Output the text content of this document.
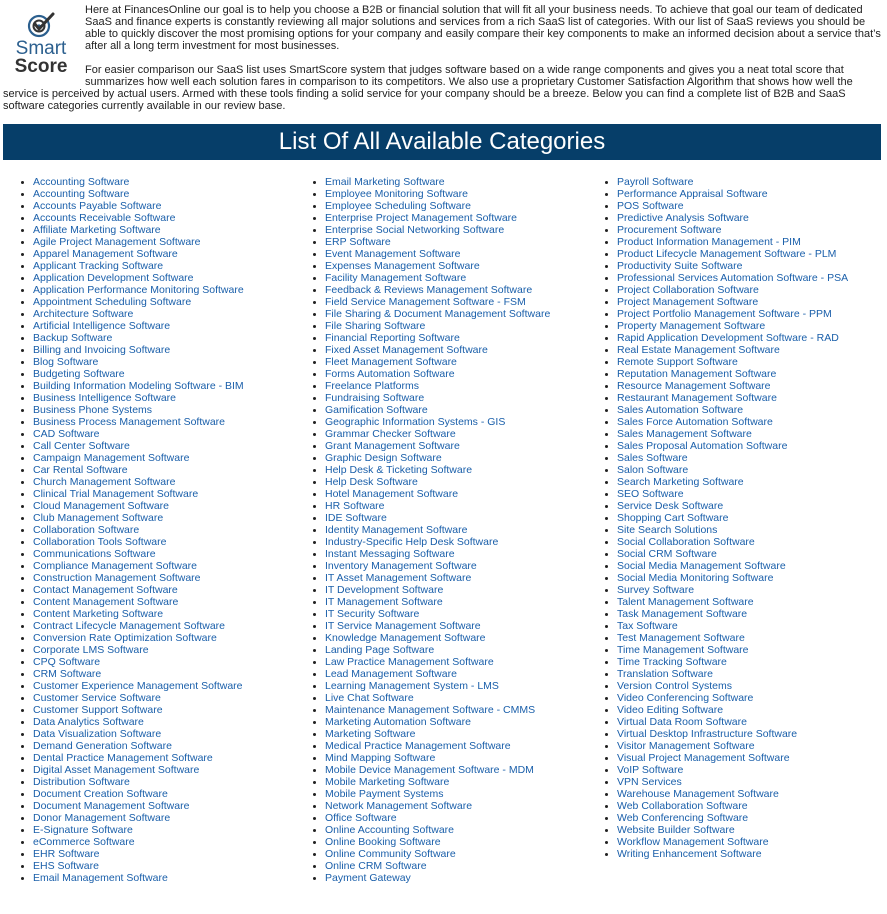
Smart
Score

Here at FinancesOnline our goal is to help you choose a B2B or financial solution that will fit all your business needs. To achieve that goal our team of dedicated SaaS and finance experts is constantly reviewing all major solutions and services from a rich SaaS list of categories. With our list of SaaS reviews you should be able to quickly discover the most promising options for your company and easily compare their key components to make an informed decision about a service that’s after all a long term investment for most businesses.

For easier comparison our SaaS list uses SmartScore system that judges software based on a wide range components and gives you a neat total score that summarizes how well each solution fares in comparison to its competitors. We also use a proprietary Customer Satisfaction Algorithm that shows how well the service is perceived by actual users. Armed with these tools finding a solid service for your company should be a breeze. Below you can find a complete list of B2B and SaaS software categories currently available in our review base.

List Of All Available Categories
• Accounting Software
• Accounting Software
• Accounts Payable Software
• Accounts Receivable Software
• Affiliate Marketing Software
• Agile Project Management Software
• Apparel Management Software
• Applicant Tracking Software
• Application Development Software
• Application Performance Monitoring Software
• Appointment Scheduling Software
• Architecture Software
• Artificial Intelligence Software
• Backup Software
• Billing and Invoicing Software
• Blog Software
• Budgeting Software
• Building Information Modeling Software - BIM
• Business Intelligence Software
• Business Phone Systems
• Business Process Management Software
• CAD Software
• Call Center Software
• Campaign Management Software
• Car Rental Software
• Church Management Software
• Clinical Trial Management Software
• Cloud Management Software
• Club Management Software
• Collaboration Software
• Collaboration Tools Software
• Communications Software
• Compliance Management Software
• Construction Management Software
• Contact Management Software
• Content Management Software
• Content Marketing Software
• Contract Lifecycle Management Software
• Conversion Rate Optimization Software
• Corporate LMS Software
• CPQ Software
• CRM Software
• Customer Experience Management Software
• Customer Service Software
• Customer Support Software
• Data Analytics Software
• Data Visualization Software
• Demand Generation Software
• Dental Practice Management Software
• Digital Asset Management Software
• Distribution Software
• Document Creation Software
• Document Management Software
• Donor Management Software
• E-Signature Software
• eCommerce Software
• EHR Software
• EHS Software
• Email Management Software
• Email Marketing Software
• Employee Monitoring Software
• Employee Scheduling Software
• Enterprise Project Management Software
• Enterprise Social Networking Software
• ERP Software
• Event Management Software
• Expenses Management Software
• Facility Management Software
• Feedback & Reviews Management Software
• Field Service Management Software - FSM
• File Sharing & Document Management Software
• File Sharing Software
• Financial Reporting Software
• Fixed Asset Management Software
• Fleet Management Software
• Forms Automation Software
• Freelance Platforms
• Fundraising Software
• Gamification Software
• Geographic Information Systems - GIS
• Grammar Checker Software
• Grant Management Software
• Graphic Design Software
• Help Desk & Ticketing Software
• Help Desk Software
• Hotel Management Software
• HR Software
• IDE Software
• Identity Management Software
• Industry-Specific Help Desk Software
• Instant Messaging Software
• Inventory Management Software
• IT Asset Management Software
• IT Development Software
• IT Management Software
• IT Security Software
• IT Service Management Software
• Knowledge Management Software
• Landing Page Software
• Law Practice Management Software
• Lead Management Software
• Learning Management System - LMS
• Live Chat Software
• Maintenance Management Software - CMMS
• Marketing Automation Software
• Marketing Software
• Medical Practice Management Software
• Mind Mapping Software
• Mobile Device Management Software - MDM
• Mobile Marketing Software
• Mobile Payment Systems
• Network Management Software
• Office Software
• Online Accounting Software
• Online Booking Software
• Online Community Software
• Online CRM Software
• Payment Gateway
• Payroll Software
• Performance Appraisal Software
• POS Software
• Predictive Analysis Software
• Procurement Software
• Product Information Management - PIM
• Product Lifecycle Management Software - PLM
• Productivity Suite Software
• Professional Services Automation Software - PSA
• Project Collaboration Software
• Project Management Software
• Project Portfolio Management Software - PPM
• Property Management Software
• Rapid Application Development Software - RAD
• Real Estate Management Software
• Remote Support Software
• Reputation Management Software
• Resource Management Software
• Restaurant Management Software
• Sales Automation Software
• Sales Force Automation Software
• Sales Management Software
• Sales Proposal Automation Software
• Sales Software
• Salon Software
• Search Marketing Software
• SEO Software
• Service Desk Software
• Shopping Cart Software
• Site Search Solutions
• Social Collaboration Software
• Social CRM Software
• Social Media Management Software
• Social Media Monitoring Software
• Survey Software
• Talent Management Software
• Task Management Software
• Tax Software
• Test Management Software
• Time Management Software
• Time Tracking Software
• Translation Software
• Version Control Systems
• Video Conferencing Software
• Video Editing Software
• Virtual Data Room Software
• Virtual Desktop Infrastructure Software
• Visitor Management Software
• Visual Project Management Software
• VoIP Software
• VPN Services
• Warehouse Management Software
• Web Collaboration Software
• Web Conferencing Software
• Website Builder Software
• Workflow Management Software
• Writing Enhancement Software
